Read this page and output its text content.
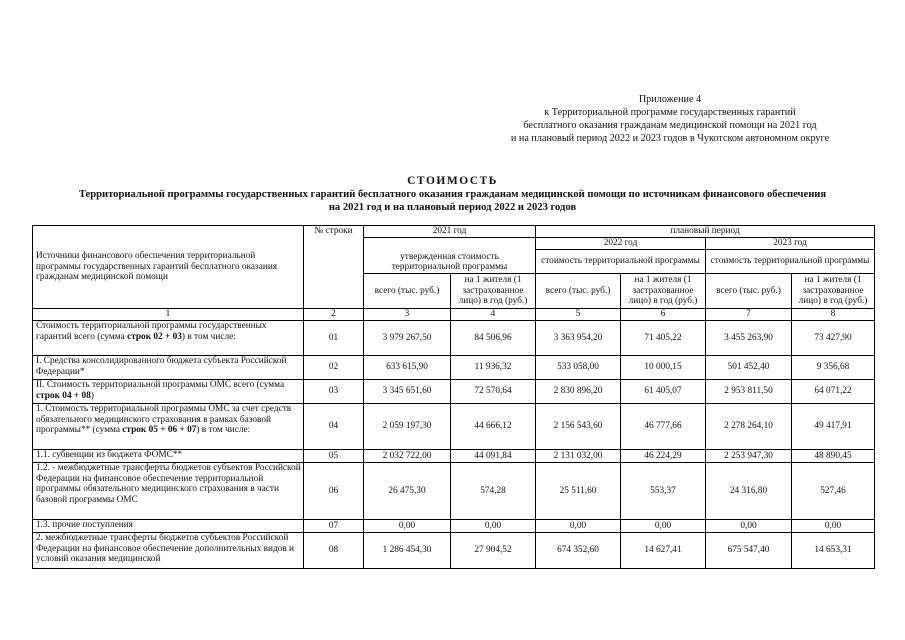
Приложение 4
к Территориальной программе государственных гарантий
бесплатного оказания гражданам медицинской помощи на 2021 год
и на плановый период 2022 и 2023 годов в Чукотском автономном округе
СТОИМОСТЬ
Территориальной программы государственных гарантий бесплатного оказания гражданам медицинской помощи по источникам финансового обеспечения
на 2021 год и на плановый период 2022 и 2023 годов
Источники финансового обеспечения территориальной программы государственных гарантий бесплатного оказания гражданам медицинской помощи	№ строки	2021 год		плановый период			
		утвержденная стоимость территориальной программы		2022 год		2023 год	
				стоимость территориальной программы		стоимость территориальной программы	
		всего (тыс. руб.)	на 1 жителя (1 застрахованное лицо) в год (руб.)	всего (тыс. руб.)	на 1 жителя (1 застрахованное лицо) в год (руб.)	всего (тыс. руб.)	на 1 жителя (1 застрахованное лицо) в год (руб.)
1	2	3	4	5	6	7	8
Стоимость территориальной программы государственных гарантий всего (сумма строк 02 + 03) в том числе:	01	3 979 267,50	84 506,96	3 363 954,20	71 405,22	3 455 263,90	73 427,90
I. Средства консолидированного бюджета субъекта Российской Федерации*	02	633 615,90	11 936,32	533 058,00	10 000,15	501 452,40	9 356,68
II. Стоимость территориальной программы ОМС всего (сумма строк 04 + 08)	03	3 345 651,60	72 570,64	2 830 896,20	61 405,07	2 953 811,50	64 071,22
1. Стоимость территориальной программы ОМС за счет средств обязательного медицинского страхования в рамках базовой программы** (сумма строк 05 + 06 + 07) в том числе:	04	2 059 197,30	44 666,12	2 156 543,60	46 777,66	2 278 264,10	49 417,91
1.1. субвенции из бюджета ФОМС**	05	2 032 722,00	44 091,84	2 131 032,00	46 224,29	2 253 947,30	48 890,45
1.2. - межбюджетные трансферты бюджетов субъектов Российской Федерации на финансовое обеспечение территориальной программы обязательного медицинского страхования в части базовой программы ОМС	06	26 475,30	574,28	25 511,60	553,37	24 316,80	527,46
1.3. прочие поступления	07	0,00	0,00	0,00	0,00	0,00	0,00
2. межбюджетные трансферты бюджетов субъектов Российской Федерации на финансовое обеспечение дополнительных видов и условий оказания медицинской	08	1 286 454,30	27 904,52	674 352,60	14 627,41	675 547,40	14 653,31
